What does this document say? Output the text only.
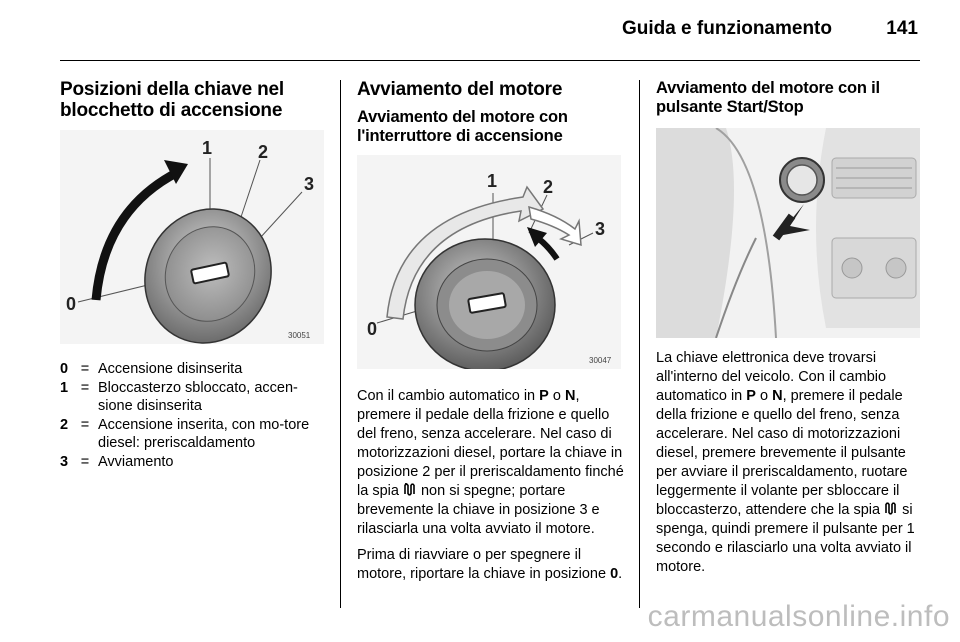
Guida e funzionamento	141
Posizioni della chiave nel blocchetto di accensione
1	2
3
0
30051
0 = Accensione disinserita
1 = Bloccasterzo sbloccato, accen-sione disinserita
2 = Accensione inserita, con mo-tore diesel: preriscaldamento
3 = Avviamento
Avviamento del motore
Avviamento del motore con l'interruttore di accensione
1	2
3
0
30047

Con il cambio automatico in P o N, premere il pedale della frizione e quello del freno, senza accelerare. Nel caso di motorizzazioni diesel, portare la chiave in posizione 2 per il preriscaldamento finché la spia  non si spegne; portare brevemente la chiave in posizione 3 e rilasciarla una volta avviato il motore.

Prima di riavviare o per spegnere il motore, riportare la chiave in posizione 0.

Avviamento del motore con il pulsante Start/Stop

La chiave elettronica deve trovarsi all'interno del veicolo. Con il cambio automatico in P o N, premere il pedale della frizione e quello del freno, senza accelerare. Nel caso di motorizzazioni diesel, premere brevemente il pulsante per avviare il preriscaldamento, ruotare leggermente il volante per sbloccare il bloccasterzo, attendere che la spia  si spenga, quindi premere il pulsante per 1 secondo e rilasciarlo una volta avviato il motore.

carmanualsonline.info
